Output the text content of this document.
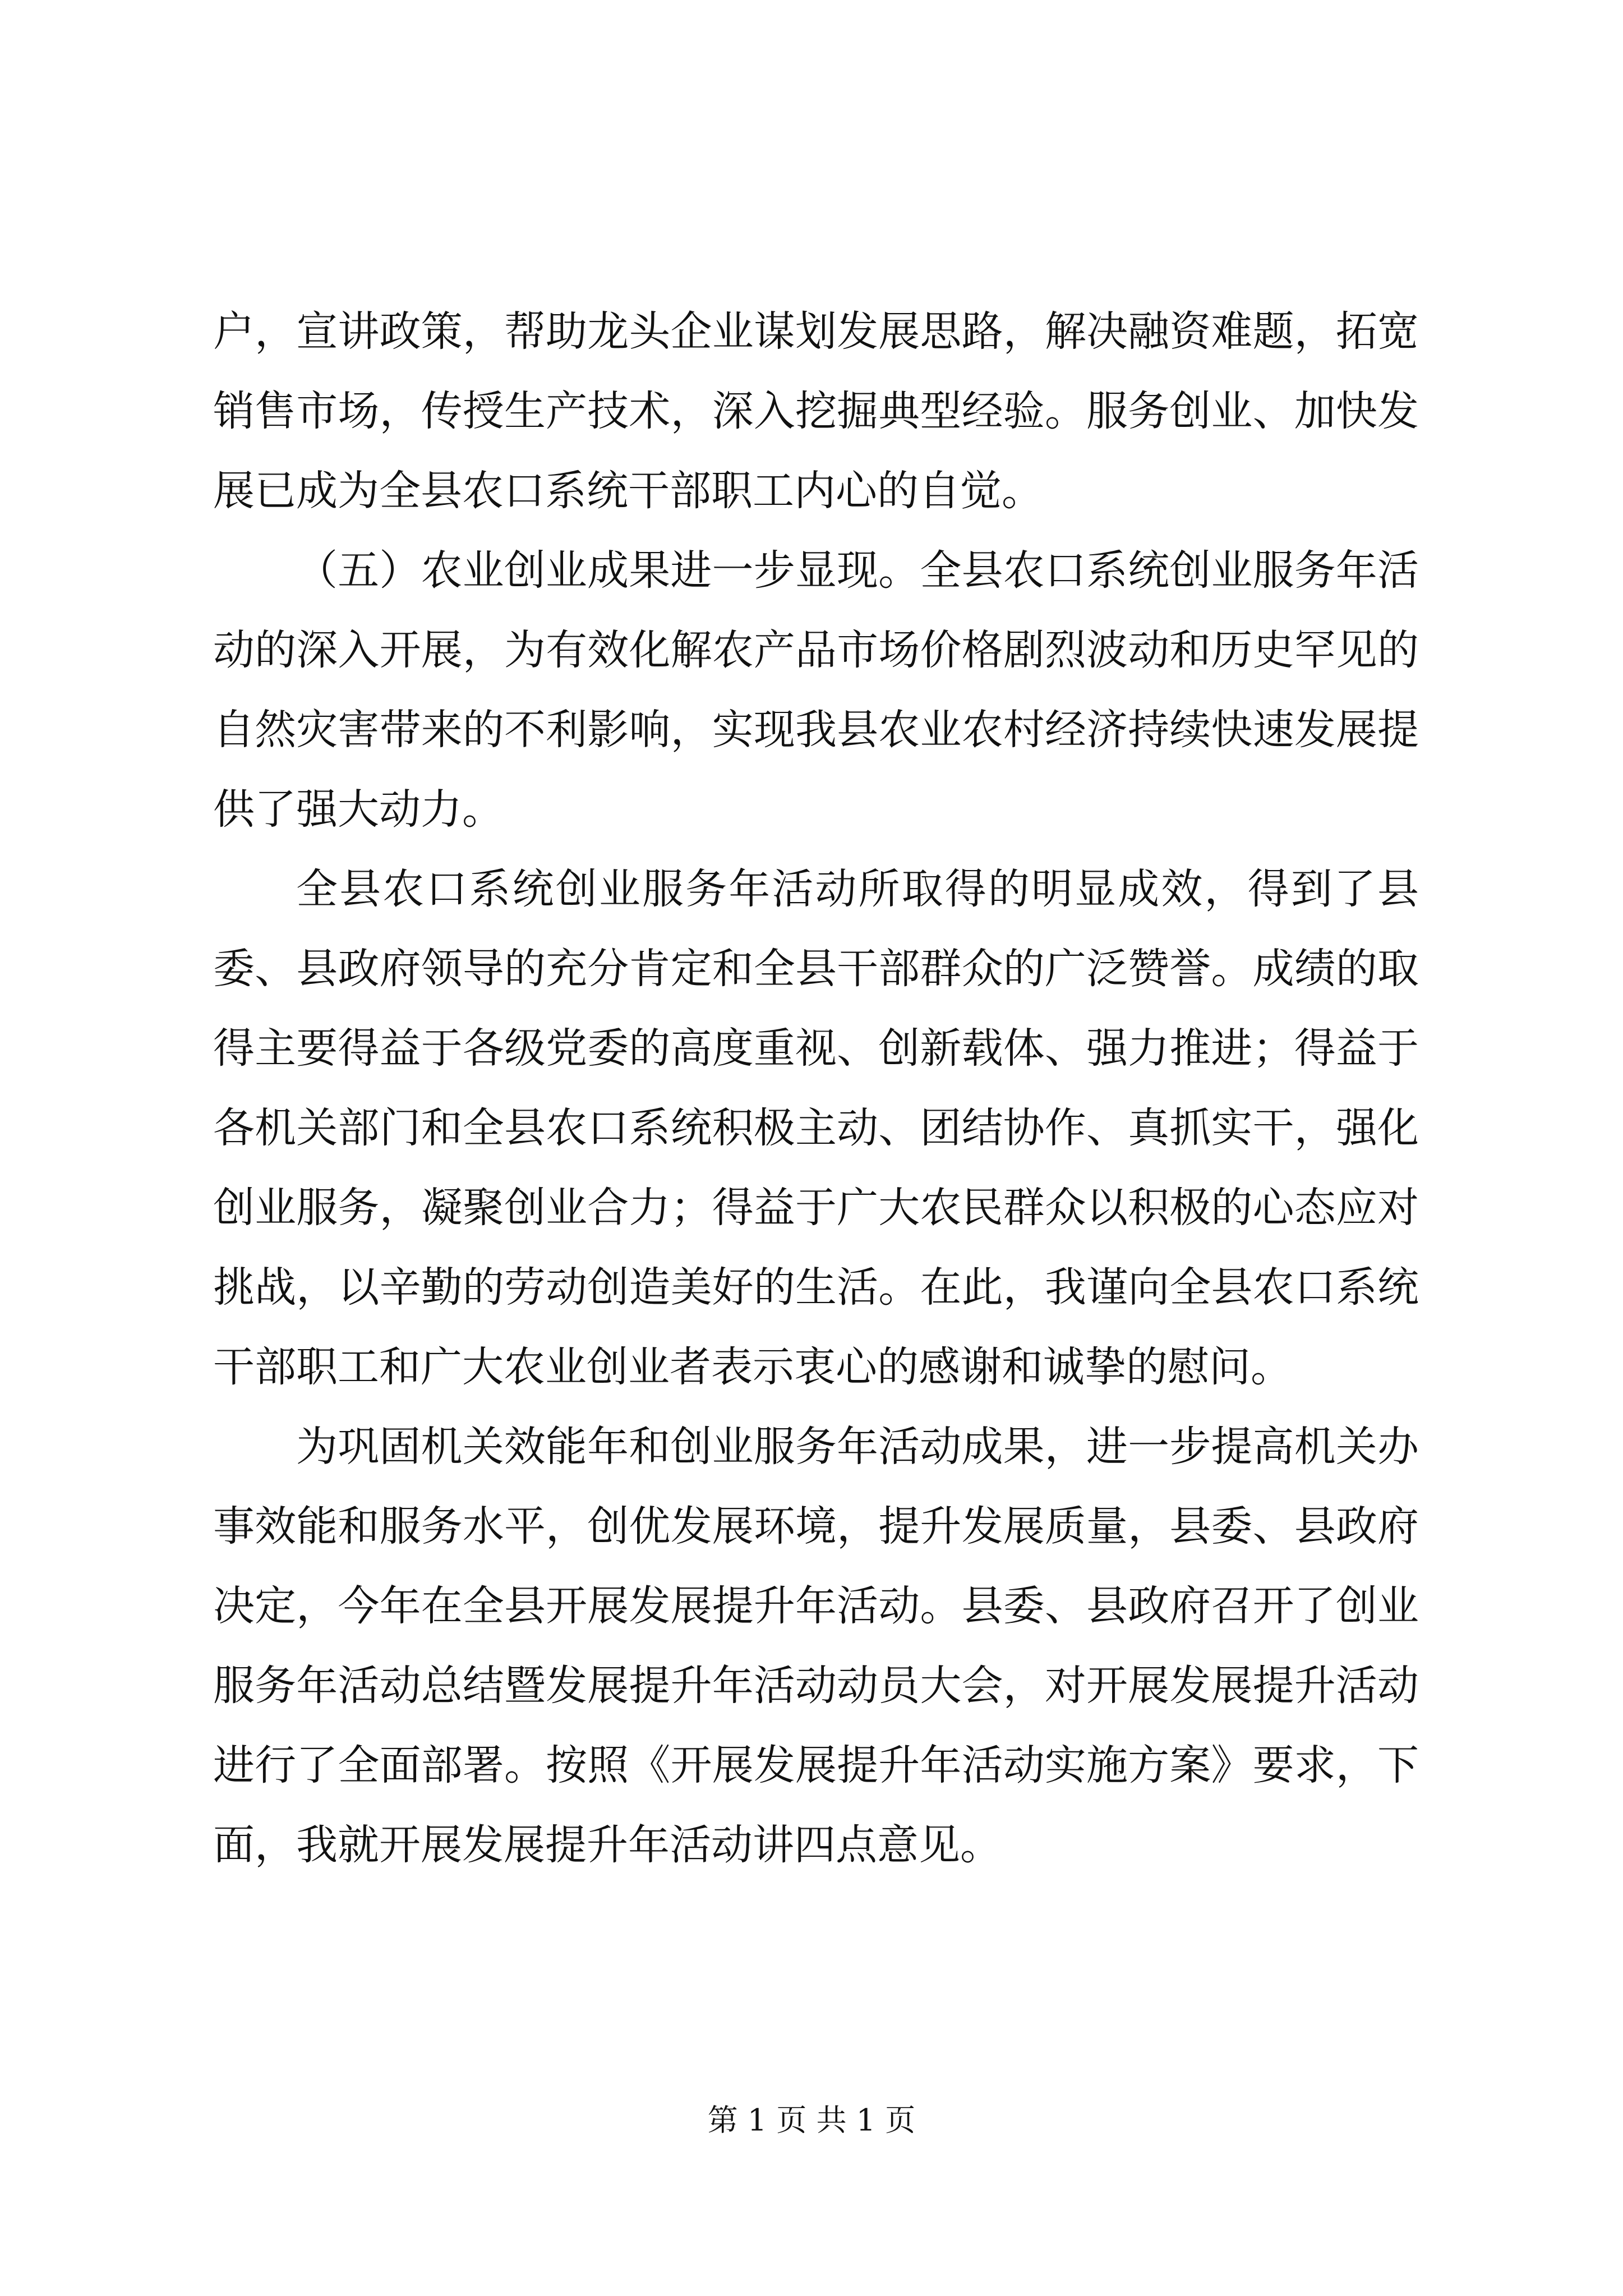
户，宣讲政策，帮助龙头企业谋划发展思路，解决融资难题，拓宽销售市场，传授生产技术，深入挖掘典型经验。服务创业、加快发展已成为全县农口系统干部职工内心的自觉。

（五）农业创业成果进一步显现。全县农口系统创业服务年活动的深入开展，为有效化解农产品市场价格剧烈波动和历史罕见的自然灾害带来的不利影响，实现我县农业农村经济持续快速发展提供了强大动力。

全县农口系统创业服务年活动所取得的明显成效，得到了县委、县政府领导的充分肯定和全县干部群众的广泛赞誉。成绩的取得主要得益于各级党委的高度重视、创新载体、强力推进；得益于各机关部门和全县农口系统积极主动、团结协作、真抓实干，强化创业服务，凝聚创业合力；得益于广大农民群众以积极的心态应对挑战，以辛勤的劳动创造美好的生活。在此，我谨向全县农口系统干部职工和广大农业创业者表示衷心的感谢和诚挚的慰问。

为巩固机关效能年和创业服务年活动成果，进一步提高机关办事效能和服务水平，创优发展环境，提升发展质量，县委、县政府决定，今年在全县开展发展提升年活动。县委、县政府召开了创业服务年活动总结暨发展提升年活动动员大会，对开展发展提升活动进行了全面部署。按照《开展发展提升年活动实施方案》要求，下面，我就开展发展提升年活动讲四点意见。

第 1 页 共 1 页
